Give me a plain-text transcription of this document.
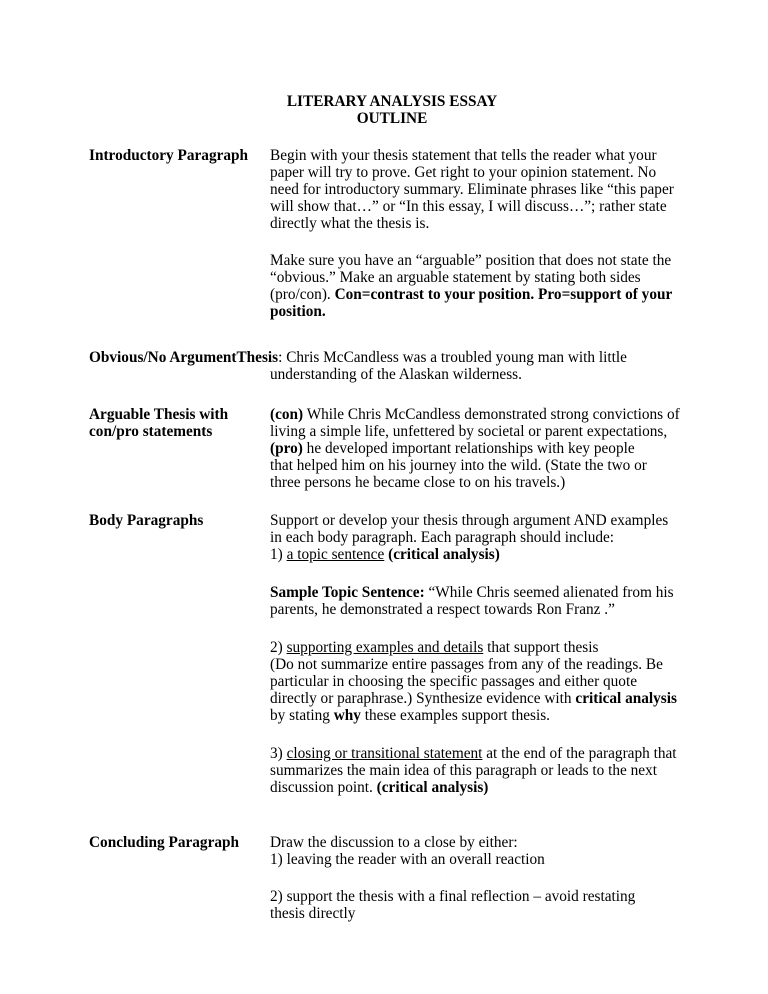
LITERARY ANALYSIS ESSAY
OUTLINE
Introductory Paragraph Begin with your thesis statement that tells the reader what your
paper will try to prove. Get right to your opinion statement. No
need for introductory summary. Eliminate phrases like “this paper
will show that…” or “In this essay, I will discuss…”; rather state
directly what the thesis is.
Make sure you have an “arguable” position that does not state the
“obvious.” Make an arguable statement by stating both sides
(pro/con). Con=contrast to your position. Pro=support of your
position.
Obvious/No ArgumentThesis: Chris McCandless was a troubled young man with little
understanding of the Alaskan wilderness.
Arguable Thesis with
con/pro statements
(con) While Chris McCandless demonstrated strong convictions of
living a simple life, unfettered by societal or parent expectations,
(pro) he developed important relationships with key people
that helped him on his journey into the wild. (State the two or
three persons he became close to on his travels.)
Body Paragraphs	Support or develop your thesis through argument AND examples
in each body paragraph. Each paragraph should include:
1) a topic sentence (critical analysis)
Sample Topic Sentence: “While Chris seemed alienated from his
parents, he demonstrated a respect towards Ron Franz .”
2) supporting examples and details that support thesis
(Do not summarize entire passages from any of the readings. Be
particular in choosing the specific passages and either quote
directly or paraphrase.) Synthesize evidence with critical analysis
by stating why these examples support thesis.
3) closing or transitional statement at the end of the paragraph that
summarizes the main idea of this paragraph or leads to the next
discussion point. (critical analysis)
Concluding Paragraph Draw the discussion to a close by either:
1) leaving the reader with an overall reaction
2) support the thesis with a final reflection – avoid restating
thesis directly
